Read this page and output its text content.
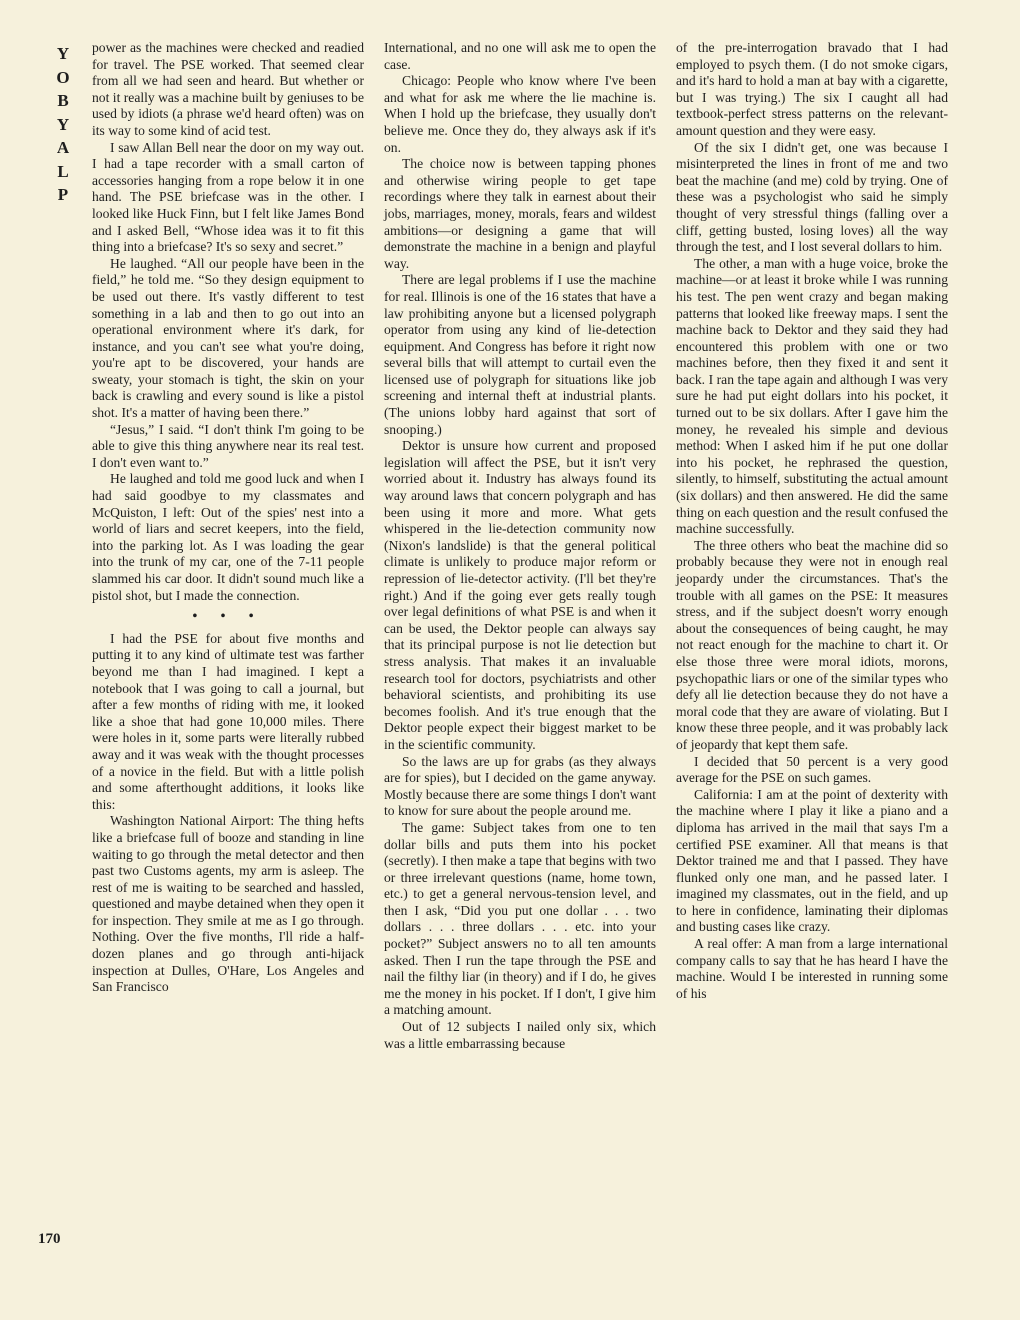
Y
O
B
Y
A
L
P

power as the machines were checked and readied for travel. The PSE worked. That seemed clear from all we had seen and heard. But whether or not it really was a machine built by geniuses to be used by idiots (a phrase we'd heard often) was on its way to some kind of acid test.

I saw Allan Bell near the door on my way out. I had a tape recorder with a small carton of accessories hanging from a rope below it in one hand. The PSE briefcase was in the other. I looked like Huck Finn, but I felt like James Bond and I asked Bell, “Whose idea was it to fit this thing into a briefcase? It's so sexy and secret.”

He laughed. “All our people have been in the field,” he told me. “So they design equipment to be used out there. It's vastly different to test something in a lab and then to go out into an operational environment where it's dark, for instance, and you can't see what you're doing, you're apt to be discovered, your hands are sweaty, your stomach is tight, the skin on your back is crawling and every sound is like a pistol shot. It's a matter of having been there.”

“Jesus,” I said. “I don't think I'm going to be able to give this thing anywhere near its real test. I don't even want to.”

He laughed and told me good luck and when I had said goodbye to my classmates and McQuiston, I left: Out of the spies' nest into a world of liars and secret keepers, into the field, into the parking lot. As I was loading the gear into the trunk of my car, one of the 7-11 people slammed his car door. It didn't sound much like a pistol shot, but I made the connection.

• • •

I had the PSE for about five months and putting it to any kind of ultimate test was farther beyond me than I had imagined. I kept a notebook that I was going to call a journal, but after a few months of riding with me, it looked like a shoe that had gone 10,000 miles. There were holes in it, some parts were literally rubbed away and it was weak with the thought processes of a novice in the field. But with a little polish and some afterthought additions, it looks like this:

Washington National Airport: The thing hefts like a briefcase full of booze and standing in line waiting to go through the metal detector and then past two Customs agents, my arm is asleep. The rest of me is waiting to be searched and hassled, questioned and maybe detained when they open it for inspection. They smile at me as I go through. Nothing. Over the five months, I'll ride a half-dozen planes and go through anti-hijack inspection at Dulles, O'Hare, Los Angeles and San Francisco

International, and no one will ask me to open the case.

Chicago: People who know where I've been and what for ask me where the lie machine is. When I hold up the briefcase, they usually don't believe me. Once they do, they always ask if it's on.

The choice now is between tapping phones and otherwise wiring people to get tape recordings where they talk in earnest about their jobs, marriages, money, morals, fears and wildest ambitions—or designing a game that will demonstrate the machine in a benign and playful way.

There are legal problems if I use the machine for real. Illinois is one of the 16 states that have a law prohibiting anyone but a licensed polygraph operator from using any kind of lie-detection equipment. And Congress has before it right now several bills that will attempt to curtail even the licensed use of polygraph for situations like job screening and internal theft at industrial plants. (The unions lobby hard against that sort of snooping.)

Dektor is unsure how current and proposed legislation will affect the PSE, but it isn't very worried about it. Industry has always found its way around laws that concern polygraph and has been using it more and more. What gets whispered in the lie-detection community now (Nixon's landslide) is that the general political climate is unlikely to produce major reform or repression of lie-detector activity. (I'll bet they're right.) And if the going ever gets really tough over legal definitions of what PSE is and when it can be used, the Dektor people can always say that its principal purpose is not lie detection but stress analysis. That makes it an invaluable research tool for doctors, psychiatrists and other behavioral scientists, and prohibiting its use becomes foolish. And it's true enough that the Dektor people expect their biggest market to be in the scientific community.

So the laws are up for grabs (as they always are for spies), but I decided on the game anyway. Mostly because there are some things I don't want to know for sure about the people around me.

The game: Subject takes from one to ten dollar bills and puts them into his pocket (secretly). I then make a tape that begins with two or three irrelevant questions (name, home town, etc.) to get a general nervous-tension level, and then I ask, “Did you put one dollar . . . two dollars . . . three dollars . . . etc. into your pocket?” Subject answers no to all ten amounts asked. Then I run the tape through the PSE and nail the filthy liar (in theory) and if I do, he gives me the money in his pocket. If I don't, I give him a matching amount.

Out of 12 subjects I nailed only six, which was a little embarrassing because

of the pre-interrogation bravado that I had employed to psych them. (I do not smoke cigars, and it's hard to hold a man at bay with a cigarette, but I was trying.) The six I caught all had textbook-perfect stress patterns on the relevant-amount question and they were easy.

Of the six I didn't get, one was because I misinterpreted the lines in front of me and two beat the machine (and me) cold by trying. One of these was a psychologist who said he simply thought of very stressful things (falling over a cliff, getting busted, losing loves) all the way through the test, and I lost several dollars to him.

The other, a man with a huge voice, broke the machine—or at least it broke while I was running his test. The pen went crazy and began making patterns that looked like freeway maps. I sent the machine back to Dektor and they said they had encountered this problem with one or two machines before, then they fixed it and sent it back. I ran the tape again and although I was very sure he had put eight dollars into his pocket, it turned out to be six dollars. After I gave him the money, he revealed his simple and devious method: When I asked him if he put one dollar into his pocket, he rephrased the question, silently, to himself, substituting the actual amount (six dollars) and then answered. He did the same thing on each question and the result confused the machine successfully.

The three others who beat the machine did so probably because they were not in enough real jeopardy under the circumstances. That's the trouble with all games on the PSE: It measures stress, and if the subject doesn't worry enough about the consequences of being caught, he may not react enough for the machine to chart it. Or else those three were moral idiots, morons, psychopathic liars or one of the similar types who defy all lie detection because they do not have a moral code that they are aware of violating. But I know these three people, and it was probably lack of jeopardy that kept them safe.

I decided that 50 percent is a very good average for the PSE on such games.

California: I am at the point of dexterity with the machine where I play it like a piano and a diploma has arrived in the mail that says I'm a certified PSE examiner. All that means is that Dektor trained me and that I passed. They have flunked only one man, and he passed later. I imagined my classmates, out in the field, and up to here in confidence, laminating their diplomas and busting cases like crazy.

A real offer: A man from a large international company calls to say that he has heard I have the machine. Would I be interested in running some of his

170
